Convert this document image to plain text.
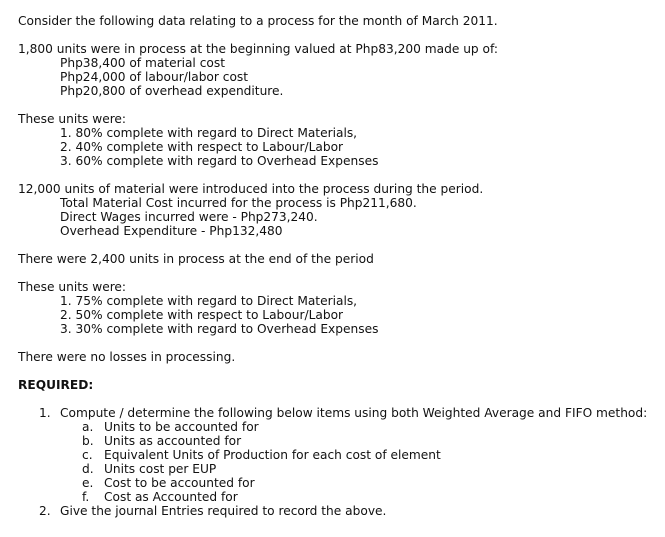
Consider the following data relating to a process for the month of March 2011.
1,800 units were in process at the beginning valued at Php83,200 made up of:
Php38,400 of material cost
Php24,000 of labour/labor cost
Php20,800 of overhead expenditure.
These units were:
1. 80% complete with regard to Direct Materials,
2. 40% complete with respect to Labour/Labor
3. 60% complete with regard to Overhead Expenses
12,000 units of material were introduced into the process during the period.
Total Material Cost incurred for the process is Php211,680.
Direct Wages incurred were - Php273,240.
Overhead Expenditure - Php132,480
There were 2,400 units in process at the end of the period
These units were:
1. 75% complete with regard to Direct Materials,
2. 50% complete with respect to Labour/Labor
3. 30% complete with regard to Overhead Expenses
There were no losses in processing.
REQUIRED:
1. Compute / determine the following below items using both Weighted Average and FIFO method:
a. Units to be accounted for
b. Units as accounted for
c. Equivalent Units of Production for each cost of element
d. Units cost per EUP
e. Cost to be accounted for
f. Cost as Accounted for
2. Give the journal Entries required to record the above.
